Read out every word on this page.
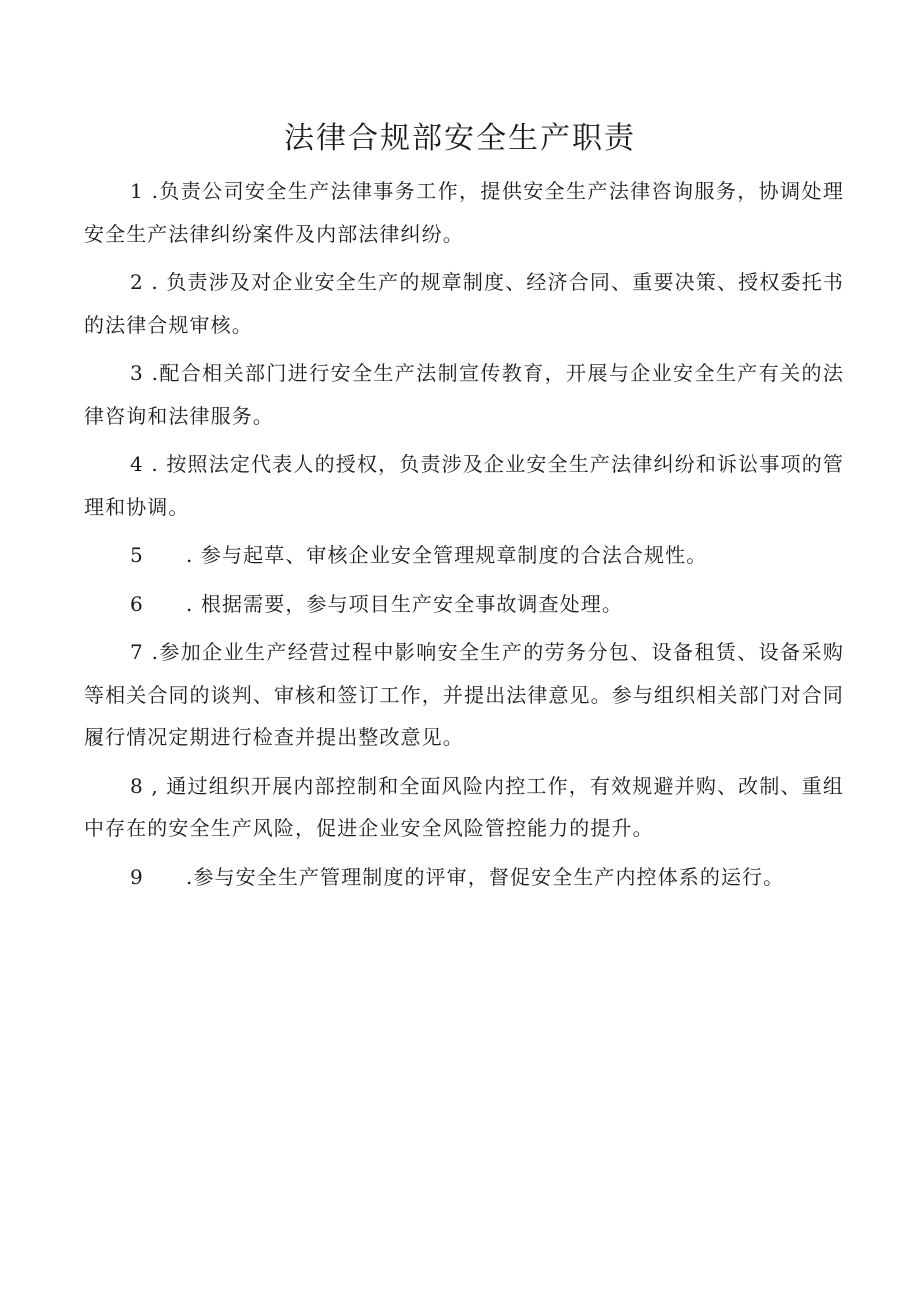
法律合规部安全生产职责

1 .负责公司安全生产法律事务工作，提供安全生产法律咨询服务，协调处理安全生产法律纠纷案件及内部法律纠纷。

2 . 负责涉及对企业安全生产的规章制度、经济合同、重要决策、授权委托书的法律合规审核。

3 .配合相关部门进行安全生产法制宣传教育，开展与企业安全生产有关的法律咨询和法律服务。

4 . 按照法定代表人的授权，负责涉及企业安全生产法律纠纷和诉讼事项的管理和协调。

5 . 参与起草、审核企业安全管理规章制度的合法合规性。

6 . 根据需要，参与项目生产安全事故调查处理。

7 .参加企业生产经营过程中影响安全生产的劳务分包、设备租赁、设备采购等相关合同的谈判、审核和签订工作，并提出法律意见。参与组织相关部门对合同履行情况定期进行检查并提出整改意见。

8 , 通过组织开展内部控制和全面风险内控工作，有效规避并购、改制、重组中存在的安全生产风险，促进企业安全风险管控能力的提升。

9 .参与安全生产管理制度的评审，督促安全生产内控体系的运行。
